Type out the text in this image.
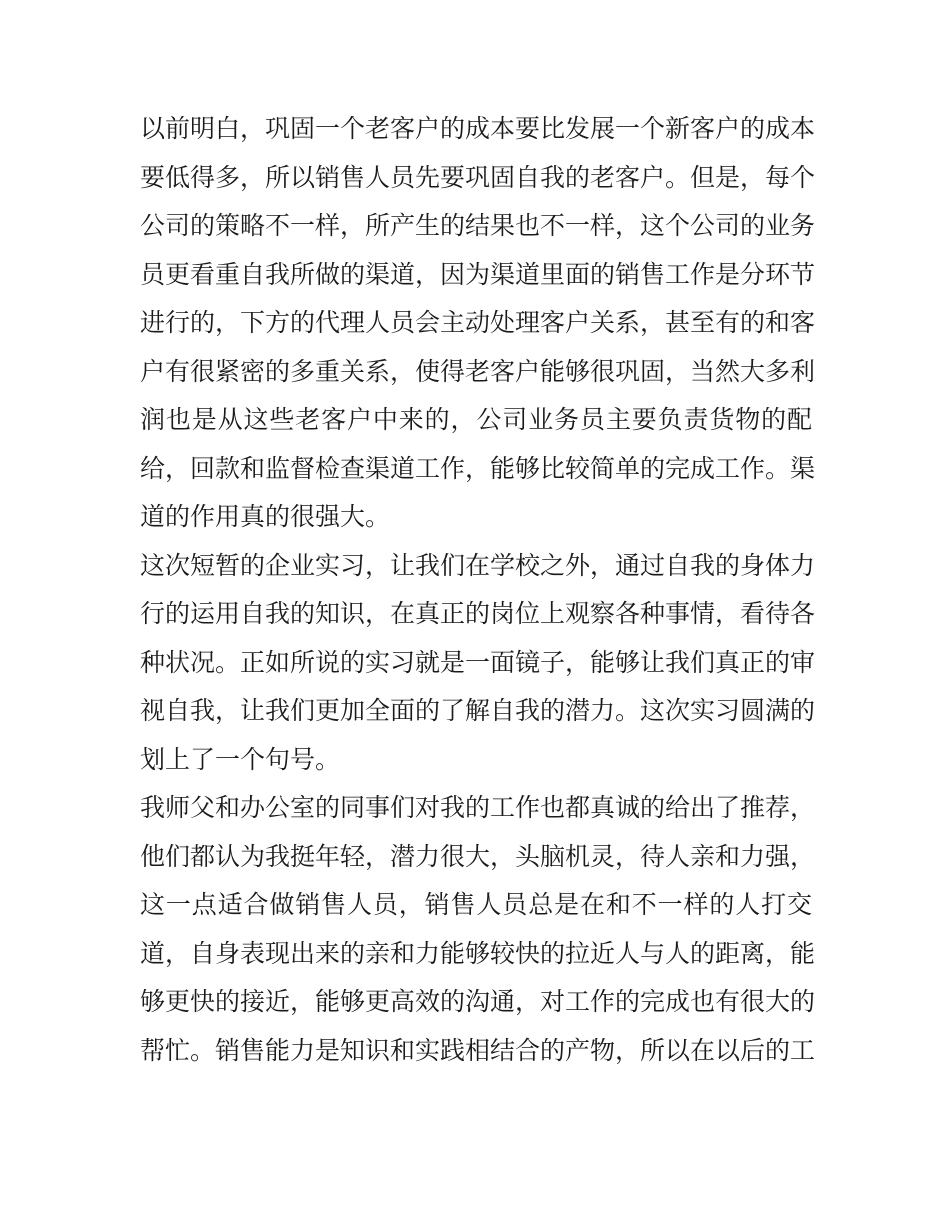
以前明白，巩固一个老客户的成本要比发展一个新客户的成本
要低得多，所以销售人员先要巩固自我的老客户。但是，每个
公司的策略不一样，所产生的结果也不一样，这个公司的业务
员更看重自我所做的渠道，因为渠道里面的销售工作是分环节
进行的，下方的代理人员会主动处理客户关系，甚至有的和客
户有很紧密的多重关系，使得老客户能够很巩固，当然大多利
润也是从这些老客户中来的，公司业务员主要负责货物的配
给，回款和监督检查渠道工作，能够比较简单的完成工作。渠
道的作用真的很强大。
这次短暂的企业实习，让我们在学校之外，通过自我的身体力
行的运用自我的知识，在真正的岗位上观察各种事情，看待各
种状况。正如所说的实习就是一面镜子，能够让我们真正的审
视自我，让我们更加全面的了解自我的潜力。这次实习圆满的
划上了一个句号。
我师父和办公室的同事们对我的工作也都真诚的给出了推荐，
他们都认为我挺年轻，潜力很大，头脑机灵，待人亲和力强，
这一点适合做销售人员，销售人员总是在和不一样的人打交
道，自身表现出来的亲和力能够较快的拉近人与人的距离，能
够更快的接近，能够更高效的沟通，对工作的完成也有很大的
帮忙。销售能力是知识和实践相结合的产物，所以在以后的工
